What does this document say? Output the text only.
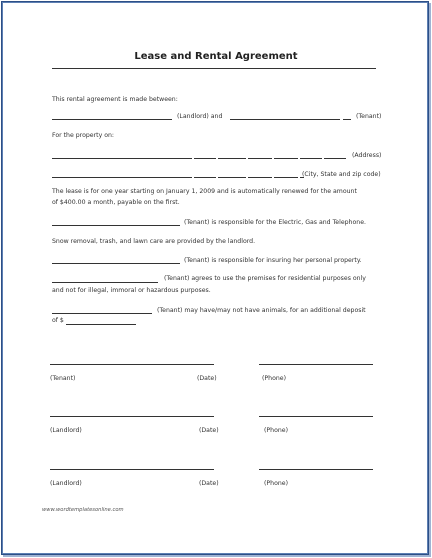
Lease and Rental Agreement
This rental agreement is made between:
(Landlord) and	(Tenant)
For the property on:
(Address)
(City, State and zip code)
The lease is for one year starting on January 1, 2009 and is automatically renewed for the amount
of $400.00 a month, payable on the first.
(Tenant) is responsible for the Electric, Gas and Telephone.
Snow removal, trash, and lawn care are provided by the landlord.
(Tenant) is responsible for insuring her personal property.
(Tenant) agrees to use the premises for residential purposes only
and not for illegal, immoral or hazardous purposes.
(Tenant) may have/may not have animals, for an additional deposit
of $
(Tenant)	(Date)	(Phone)
(Landlord)	(Date)	(Phone)
(Landlord)	(Date)	(Phone)
www.wordtemplatesonline.com
